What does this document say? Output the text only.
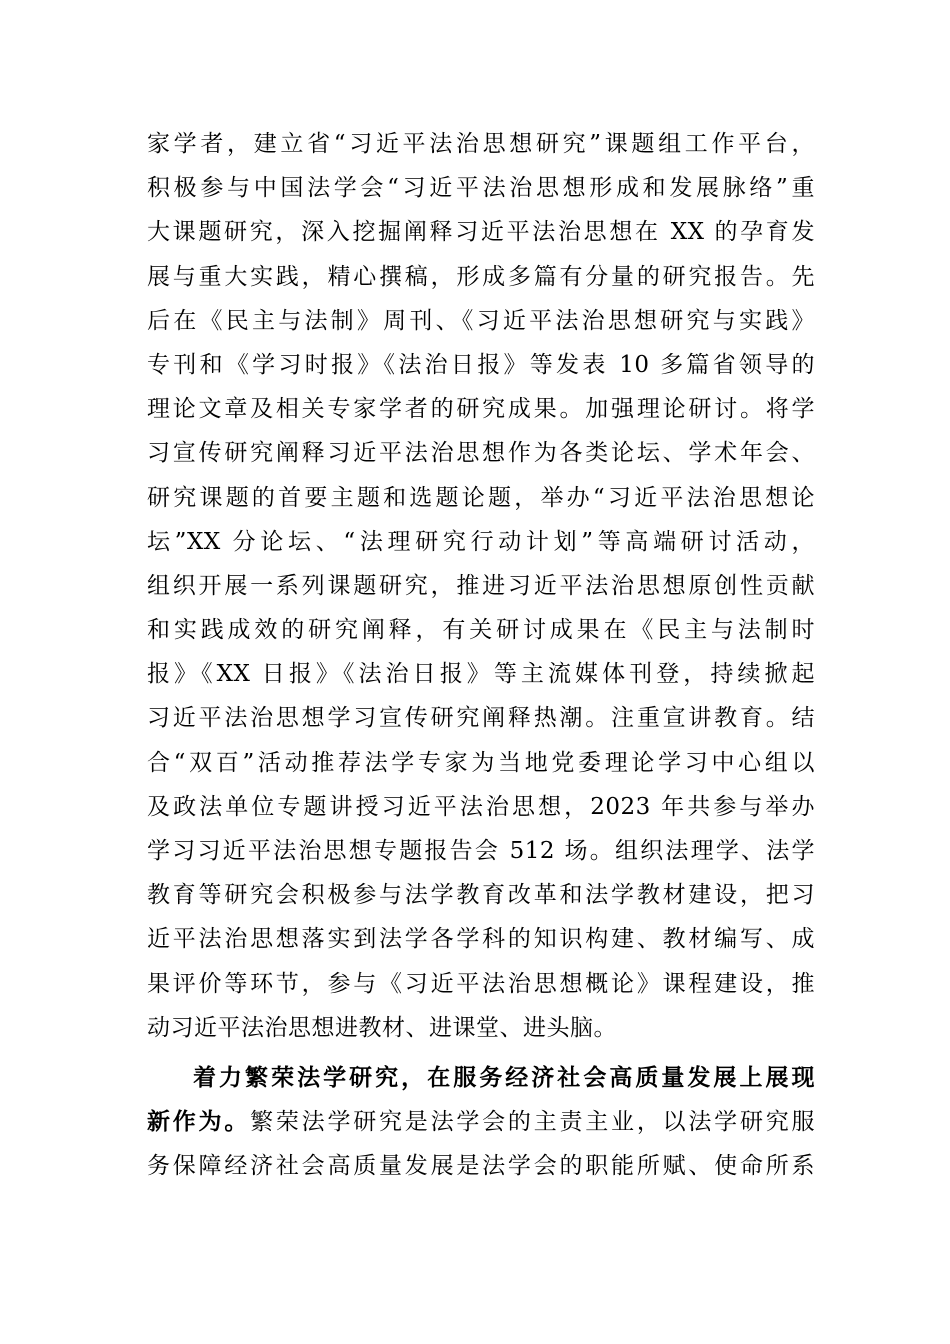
家学者，建立省“习近平法治思想研究”课题组工作平台，
积极参与中国法学会“习近平法治思想形成和发展脉络”重
大课题研究，深入挖掘阐释习近平法治思想在 XX 的孕育发
展与重大实践，精心撰稿，形成多篇有分量的研究报告。先
后在《民主与法制》周刊、《习近平法治思想研究与实践》
专刊和《学习时报》《法治日报》等发表 10 多篇省领导的
理论文章及相关专家学者的研究成果。加强理论研讨。将学
习宣传研究阐释习近平法治思想作为各类论坛、学术年会、
研究课题的首要主题和选题论题，举办“习近平法治思想论
坛”XX 分论坛、“法理研究行动计划”等高端研讨活动，
组织开展一系列课题研究，推进习近平法治思想原创性贡献
和实践成效的研究阐释，有关研讨成果在《民主与法制时
报》《XX 日报》《法治日报》等主流媒体刊登，持续掀起
习近平法治思想学习宣传研究阐释热潮。注重宣讲教育。结
合“双百”活动推荐法学专家为当地党委理论学习中心组以
及政法单位专题讲授习近平法治思想，2023 年共参与举办
学习习近平法治思想专题报告会 512 场。组织法理学、法学
教育等研究会积极参与法学教育改革和法学教材建设，把习
近平法治思想落实到法学各学科的知识构建、教材编写、成
果评价等环节，参与《习近平法治思想概论》课程建设，推
动习近平法治思想进教材、进课堂、进头脑。
着力繁荣法学研究，在服务经济社会高质量发展上展现
新作为。繁荣法学研究是法学会的主责主业，以法学研究服
务保障经济社会高质量发展是法学会的职能所赋、使命所系
